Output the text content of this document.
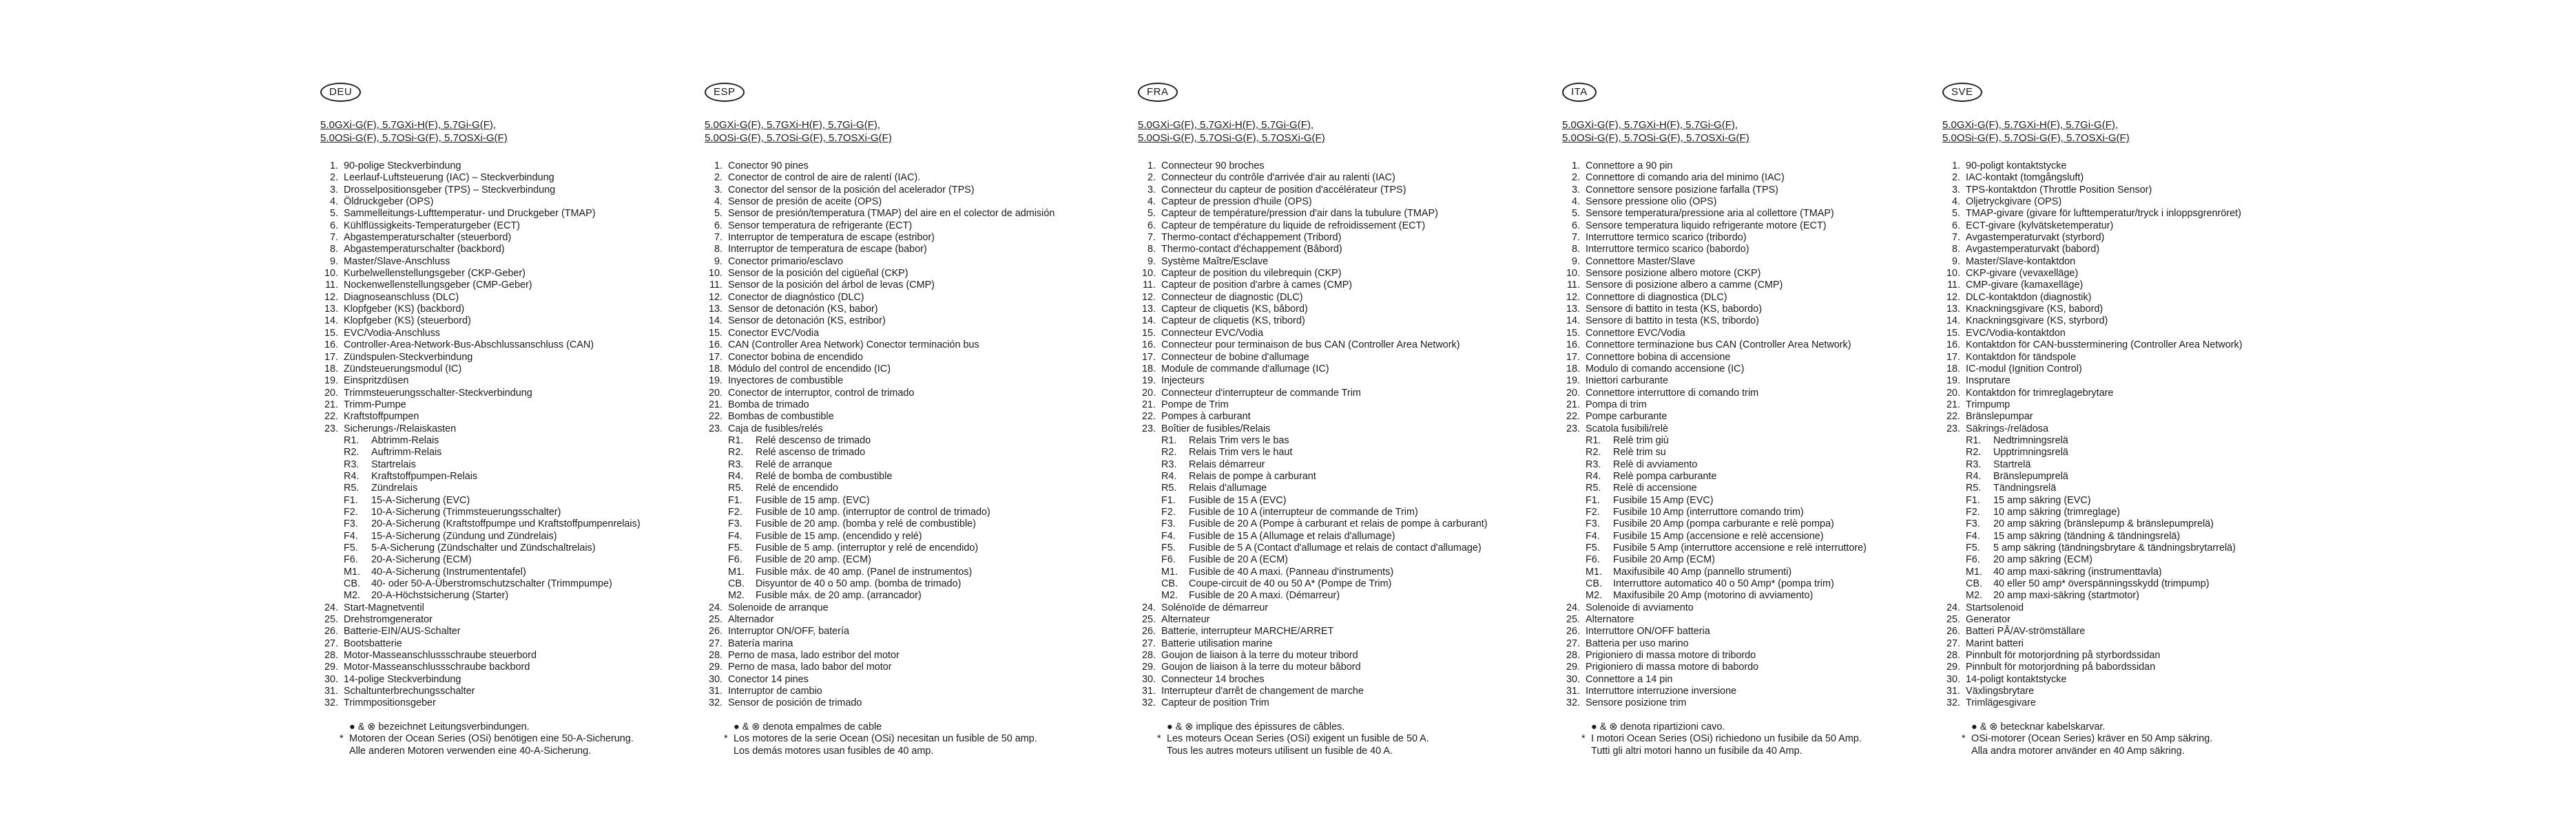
DEU
5.0GXi-G(F), 5.7GXi-H(F), 5.7Gi-G(F),
5.0OSi-G(F), 5.7OSi-G(F), 5.7OSXi-G(F)
1. 90-polige Steckverbindung
2. Leerlauf-Luftsteuerung (IAC) – Steckverbindung
3. Drosselpositionsgeber (TPS) – Steckverbindung
4. Öldruckgeber (OPS)
5. Sammelleitungs-Lufttemperatur- und Druckgeber (TMAP)
6. Kühlflüssigkeits-Temperaturgeber (ECT)
7. Abgastemperaturschalter (steuerbord)
8. Abgastemperaturschalter (backbord)
9. Master/Slave-Anschluss
10. Kurbelwellenstellungsgeber (CKP-Geber)
11. Nockenwellenstellungsgeber (CMP-Geber)
12. Diagnoseanschluss (DLC)
13. Klopfgeber (KS) (backbord)
14. Klopfgeber (KS) (steuerbord)
15. EVC/Vodia-Anschluss
16. Controller-Area-Network-Bus-Abschlussanschluss (CAN)
17. Zündspulen-Steckverbindung
18. Zündsteuerungsmodul (IC)
19. Einspritzdüsen
20. Trimmsteuerungsschalter-Steckverbindung
21. Trimm-Pumpe
22. Kraftstoffpumpen
23. Sicherungs-/Relaiskasten
R1.	Abtrimm-Relais
R2.	Auftrimm-Relais
R3.	Startrelais
R4.	Kraftstoffpumpen-Relais
R5.	Zündrelais
F1.	15-A-Sicherung (EVC)
F2.	10-A-Sicherung (Trimmsteuerungsschalter)
F3.	20-A-Sicherung (Kraftstoffpumpe und Kraftstoffpumpenrelais)
F4.	15-A-Sicherung (Zündung und Zündrelais)
F5.	5-A-Sicherung (Zündschalter und Zündschaltrelais)
F6.	20-A-Sicherung (ECM)
M1.	40-A-Sicherung (Instrumententafel)
CB.	40- oder 50-A-Überstromschutzschalter (Trimmpumpe)
M2.	20-A-Höchstsicherung (Starter)
24. Start-Magnetventil
25. Drehstromgenerator
26. Batterie-EIN/AUS-Schalter
27. Bootsbatterie
28. Motor-Masseanschlussschraube steuerbord
29. Motor-Masseanschlussschraube backbord
30. 14-polige Steckverbindung
31. Schaltunterbrechungsschalter
32. Trimmpositionsgeber
● & ⊗ bezeichnet Leitungsverbindungen.
* Motoren der Ocean Series (OSi) benötigen eine 50-A-Sicherung.
Alle anderen Motoren verwenden eine 40-A-Sicherung.
ESP
5.0GXi-G(F), 5.7GXi-H(F), 5.7Gi-G(F),
5.0OSi-G(F), 5.7OSi-G(F), 5.7OSXi-G(F)
1. Conector 90 pines
2. Conector de control de aire de ralentí (IAC).
3. Conector del sensor de la posición del acelerador (TPS)
4. Sensor de presión de aceite (OPS)
5. Sensor de presión/temperatura (TMAP) del aire en el colector de admisión
6. Sensor temperatura de refrigerante (ECT)
7. Interruptor de temperatura de escape (estribor)
8. Interruptor de temperatura de escape (babor)
9. Conector primario/esclavo
10. Sensor de la posición del cigüeñal (CKP)
11. Sensor de la posición del árbol de levas (CMP)
12. Conector de diagnóstico (DLC)
13. Sensor de detonación (KS, babor)
14. Sensor de detonación (KS, estribor)
15. Conector EVC/Vodia
16. CAN (Controller Area Network) Conector terminación bus
17. Conector bobina de encendido
18. Módulo del control de encendido (IC)
19. Inyectores de combustible
20. Conector de interruptor, control de trimado
21. Bomba de trimado
22. Bombas de combustible
23. Caja de fusibles/relés
R1.	Relé descenso de trimado
R2.	Relé ascenso de trimado
R3.	Relé de arranque
R4.	Relé de bomba de combustible
R5.	Relé de encendido
F1.	Fusible de 15 amp. (EVC)
F2.	Fusible de 10 amp. (interruptor de control de trimado)
F3.	Fusible de 20 amp. (bomba y relé de combustible)
F4.	Fusible de 15 amp. (encendido y relé)
F5.	Fusible de 5 amp. (interruptor y relé de encendido)
F6.	Fusible de 20 amp. (ECM)
M1.	Fusible máx. de 40 amp. (Panel de instrumentos)
CB.	Disyuntor de 40 o 50 amp. (bomba de trimado)
M2.	Fusible máx. de 20 amp. (arrancador)
24. Solenoide de arranque
25. Alternador
26. Interruptor ON/OFF, batería
27. Batería marina
28. Perno de masa, lado estribor del motor
29. Perno de masa, lado babor del motor
30. Conector 14 pines
31. Interruptor de cambio
32. Sensor de posición de trimado
● & ⊗ denota empalmes de cable
* Los motores de la serie Ocean (OSi) necesitan un fusible de 50 amp.
Los demás motores usan fusibles de 40 amp.
FRA
5.0GXi-G(F), 5.7GXi-H(F), 5.7Gi-G(F),
5.0OSi-G(F), 5.7OSi-G(F), 5.7OSXi-G(F)
1. Connecteur 90 broches
2. Connecteur du contrôle d'arrivée d'air au ralenti (IAC)
3. Connecteur du capteur de position d'accélérateur (TPS)
4. Capteur de pression d'huile (OPS)
5. Capteur de température/pression d'air dans la tubulure (TMAP)
6. Capteur de température du liquide de refroidissement (ECT)
7. Thermo-contact d'échappement (Tribord)
8. Thermo-contact d'échappement (Bâbord)
9. Système Maître/Esclave
10. Capteur de position du vilebrequin (CKP)
11. Capteur de position d'arbre à cames (CMP)
12. Connecteur de diagnostic (DLC)
13. Capteur de cliquetis (KS, bâbord)
14. Capteur de cliquetis (KS, tribord)
15. Connecteur EVC/Vodia
16. Connecteur pour terminaison de bus CAN (Controller Area Network)
17. Connecteur de bobine d'allumage
18. Module de commande d'allumage (IC)
19. Injecteurs
20. Connecteur d'interrupteur de commande Trim
21. Pompe de Trim
22. Pompes à carburant
23. Boîtier de fusibles/Relais
R1.	Relais Trim vers le bas
R2.	Relais Trim vers le haut
R3.	Relais démarreur
R4.	Relais de pompe à carburant
R5.	Relais d'allumage
F1.	Fusible de 15 A (EVC)
F2.	Fusible de 10 A (interrupteur de commande de Trim)
F3.	Fusible de 20 A (Pompe à carburant et relais de pompe à carburant)
F4.	Fusible de 15 A (Allumage et relais d'allumage)
F5.	Fusible de 5 A (Contact d'allumage et relais de contact d'allumage)
F6.	Fusible de 20 A (ECM)
M1.	Fusible de 40 A maxi. (Panneau d'instruments)
CB.	Coupe-circuit de 40 ou 50 A* (Pompe de Trim)
M2.	Fusible de 20 A maxi. (Démarreur)
24. Solénoïde de démarreur
25. Alternateur
26. Batterie, interrupteur MARCHE/ARRET
27. Batterie utilisation marine
28. Goujon de liaison à la terre du moteur tribord
29. Goujon de liaison à la terre du moteur bâbord
30. Connecteur 14 broches
31. Interrupteur d'arrêt de changement de marche
32. Capteur de position Trim
● & ⊗ implique des épissures de câbles.
* Les moteurs Ocean Series (OSi) exigent un fusible de 50 A.
Tous les autres moteurs utilisent un fusible de 40 A.
ITA
5.0GXi-G(F), 5.7GXi-H(F), 5.7Gi-G(F),
5.0OSi-G(F), 5.7OSi-G(F), 5.7OSXi-G(F)
1. Connettore a 90 pin
2. Connettore di comando aria del minimo (IAC)
3. Connettore sensore posizione farfalla (TPS)
4. Sensore pressione olio (OPS)
5. Sensore temperatura/pressione aria al collettore (TMAP)
6. Sensore temperatura liquido refrigerante motore (ECT)
7. Interruttore termico scarico (tribordo)
8. Interruttore termico scarico (babordo)
9. Connettore Master/Slave
10. Sensore posizione albero motore (CKP)
11. Sensore di posizione albero a camme (CMP)
12. Connettore di diagnostica (DLC)
13. Sensore di battito in testa (KS, babordo)
14. Sensore di battito in testa (KS, tribordo)
15. Connettore EVC/Vodia
16. Connettore terminazione bus CAN (Controller Area Network)
17. Connettore bobina di accensione
18. Modulo di comando accensione (IC)
19. Iniettori carburante
20. Connettore interruttore di comando trim
21. Pompa di trim
22. Pompe carburante
23. Scatola fusibili/relè
R1.	Relè trim giù
R2.	Relè trim su
R3.	Relè di avviamento
R4.	Relè pompa carburante
R5.	Relè di accensione
F1.	Fusibile 15 Amp (EVC)
F2.	Fusibile 10 Amp (interruttore comando trim)
F3.	Fusibile 20 Amp (pompa carburante e relè pompa)
F4.	Fusibile 15 Amp (accensione e relè accensione)
F5.	Fusibile 5 Amp (interruttore accensione e relè interruttore)
F6.	Fusibile 20 Amp (ECM)
M1.	Maxifusibile 40 Amp (pannello strumenti)
CB.	Interruttore automatico 40 o 50 Amp* (pompa trim)
M2.	Maxifusibile 20 Amp (motorino di avviamento)
24. Solenoide di avviamento
25. Alternatore
26. Interruttore ON/OFF batteria
27. Batteria per uso marino
28. Prigioniero di massa motore di tribordo
29. Prigioniero di massa motore di babordo
30. Connettore a 14 pin
31. Interruttore interruzione inversione
32. Sensore posizione trim
● & ⊗ denota ripartizioni cavo.
* I motori Ocean Series (OSi) richiedono un fusibile da 50 Amp.
Tutti gli altri motori hanno un fusibile da 40 Amp.
SVE
5.0GXi-G(F), 5.7GXi-H(F), 5.7Gi-G(F),
5.0OSi-G(F), 5.7OSi-G(F), 5.7OSXi-G(F)
1. 90-poligt kontaktstycke
2. IAC-kontakt (tomgångsluft)
3. TPS-kontaktdon (Throttle Position Sensor)
4. Oljetryckgivare (OPS)
5. TMAP-givare (givare för lufttemperatur/tryck i inloppsgrenröret)
6. ECT-givare (kylvätsketemperatur)
7. Avgastemperaturvakt (styrbord)
8. Avgastemperaturvakt (babord)
9. Master/Slave-kontaktdon
10. CKP-givare (vevaxelläge)
11. CMP-givare (kamaxelläge)
12. DLC-kontaktdon (diagnostik)
13. Knackningsgivare (KS, babord)
14. Knackningsgivare (KS, styrbord)
15. EVC/Vodia-kontaktdon
16. Kontaktdon för CAN-bussterminering (Controller Area Network)
17. Kontaktdon för tändspole
18. IC-modul (Ignition Control)
19. Insprutare
20. Kontaktdon för trimreglagebrytare
21. Trimpump
22. Bränslepumpar
23. Säkrings-/relädosa
R1.	Nedtrimningsrelä
R2.	Upptrimningsrelä
R3.	Startrelä
R4.	Bränslepumprelä
R5.	Tändningsrelä
F1.	15 amp säkring (EVC)
F2.	10 amp säkring (trimreglage)
F3.	20 amp säkring (bränslepump & bränslepumprelä)
F4.	15 amp säkring (tändning & tändningsrelä)
F5.	5 amp säkring (tändningsbrytare & tändningsbrytarrelä)
F6.	20 amp säkring (ECM)
M1.	40 amp maxi-säkring (instrumenttavla)
CB.	40 eller 50 amp* överspänningsskydd (trimpump)
M2.	20 amp maxi-säkring (startmotor)
24. Startsolenoid
25. Generator
26. Batteri PÅ/AV-strömställare
27. Marint batteri
28. Pinnbult för motorjordning på styrbordssidan
29. Pinnbult för motorjordning på babordssidan
30. 14-poligt kontaktstycke
31. Växlingsbrytare
32. Trimlägesgivare
● & ⊗ betecknar kabelskarvar.
* OSi-motorer (Ocean Series) kräver en 50 Amp säkring.
Alla andra motorer använder en 40 Amp säkring.
